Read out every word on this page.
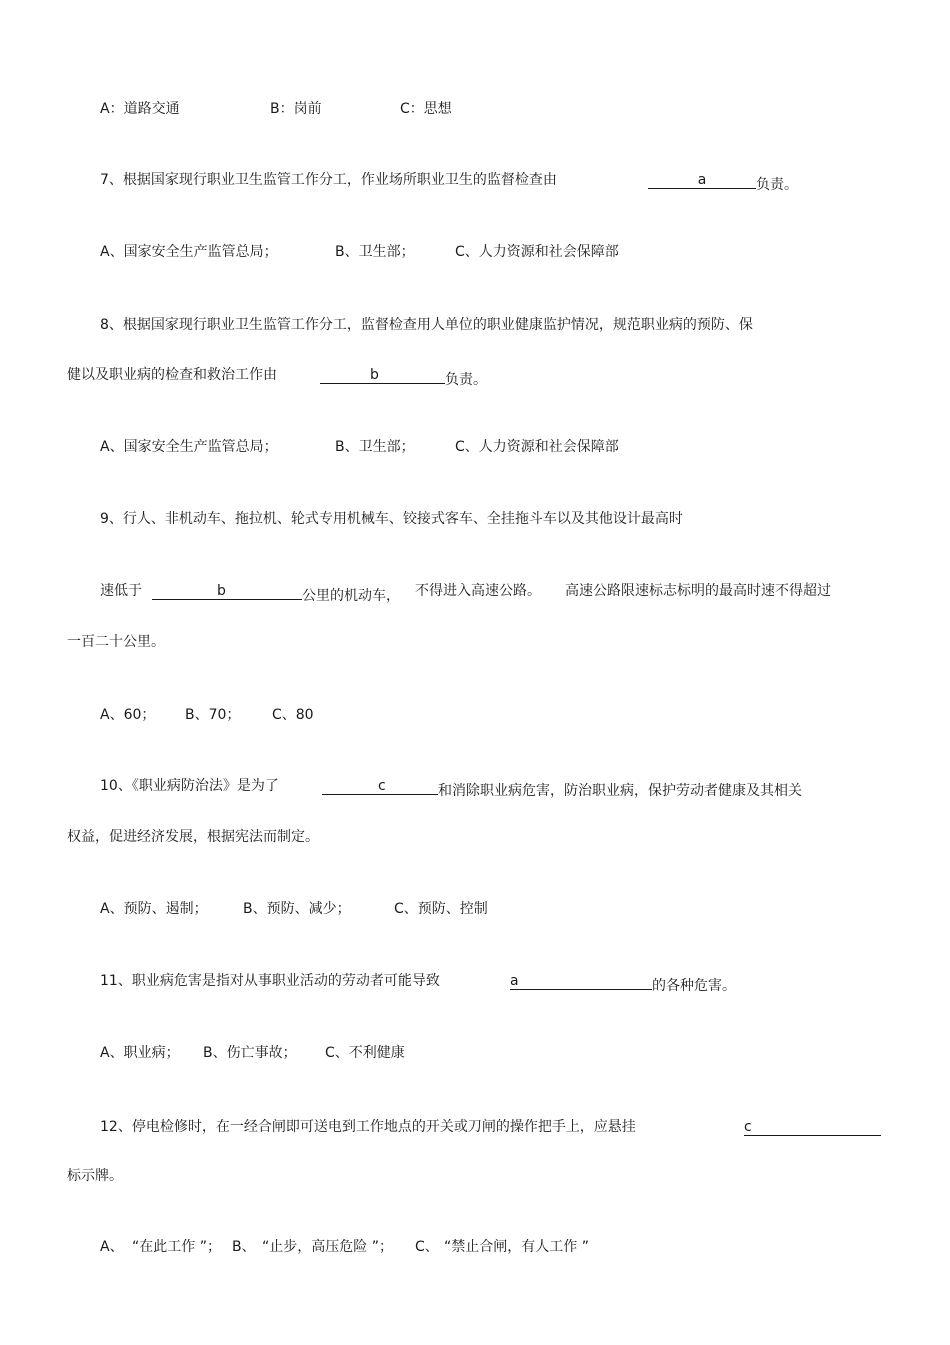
A：道路交通	B：岗前	C：思想
7、根据国家现行职业卫生监管工作分工，作业场所职业卫生的监督检查由	a	负责。
A、国家安全生产监管总局；	B、卫生部；	C、人力资源和社会保障部
8、根据国家现行职业卫生监管工作分工，监督检查用人单位的职业健康监护情况，规范职业病的预防、保
健以及职业病的检查和救治工作由	b	负责。
A、国家安全生产监管总局；	B、卫生部；	C、人力资源和社会保障部
9、行人、非机动车、拖拉机、轮式专用机械车、铰接式客车、全挂拖斗车以及其他设计最高时
速低于	b	公里的机动车， 不得进入高速公路。 高速公路限速标志标明的最高时速不得超过
一百二十公里。
A、60； B、70； C、80
10、《职业病防治法》是为了	c	和消除职业病危害，防治职业病，保护劳动者健康及其相关
权益，促进经济发展，根据宪法而制定。
A、预防、遏制；	B、预防、减少；	C、预防、控制
11、职业病危害是指对从事职业活动的劳动者可能导致	a	的各种危害。
A、职业病； B、伤亡事故； C、不利健康
12、停电检修时，在一经合闸即可送电到工作地点的开关或刀闸的操作把手上，应悬挂	c
标示牌。
A、 “在此工作 ”； B、 “止步，高压危险 ”； C、 “禁止合闸，有人工作 ”
